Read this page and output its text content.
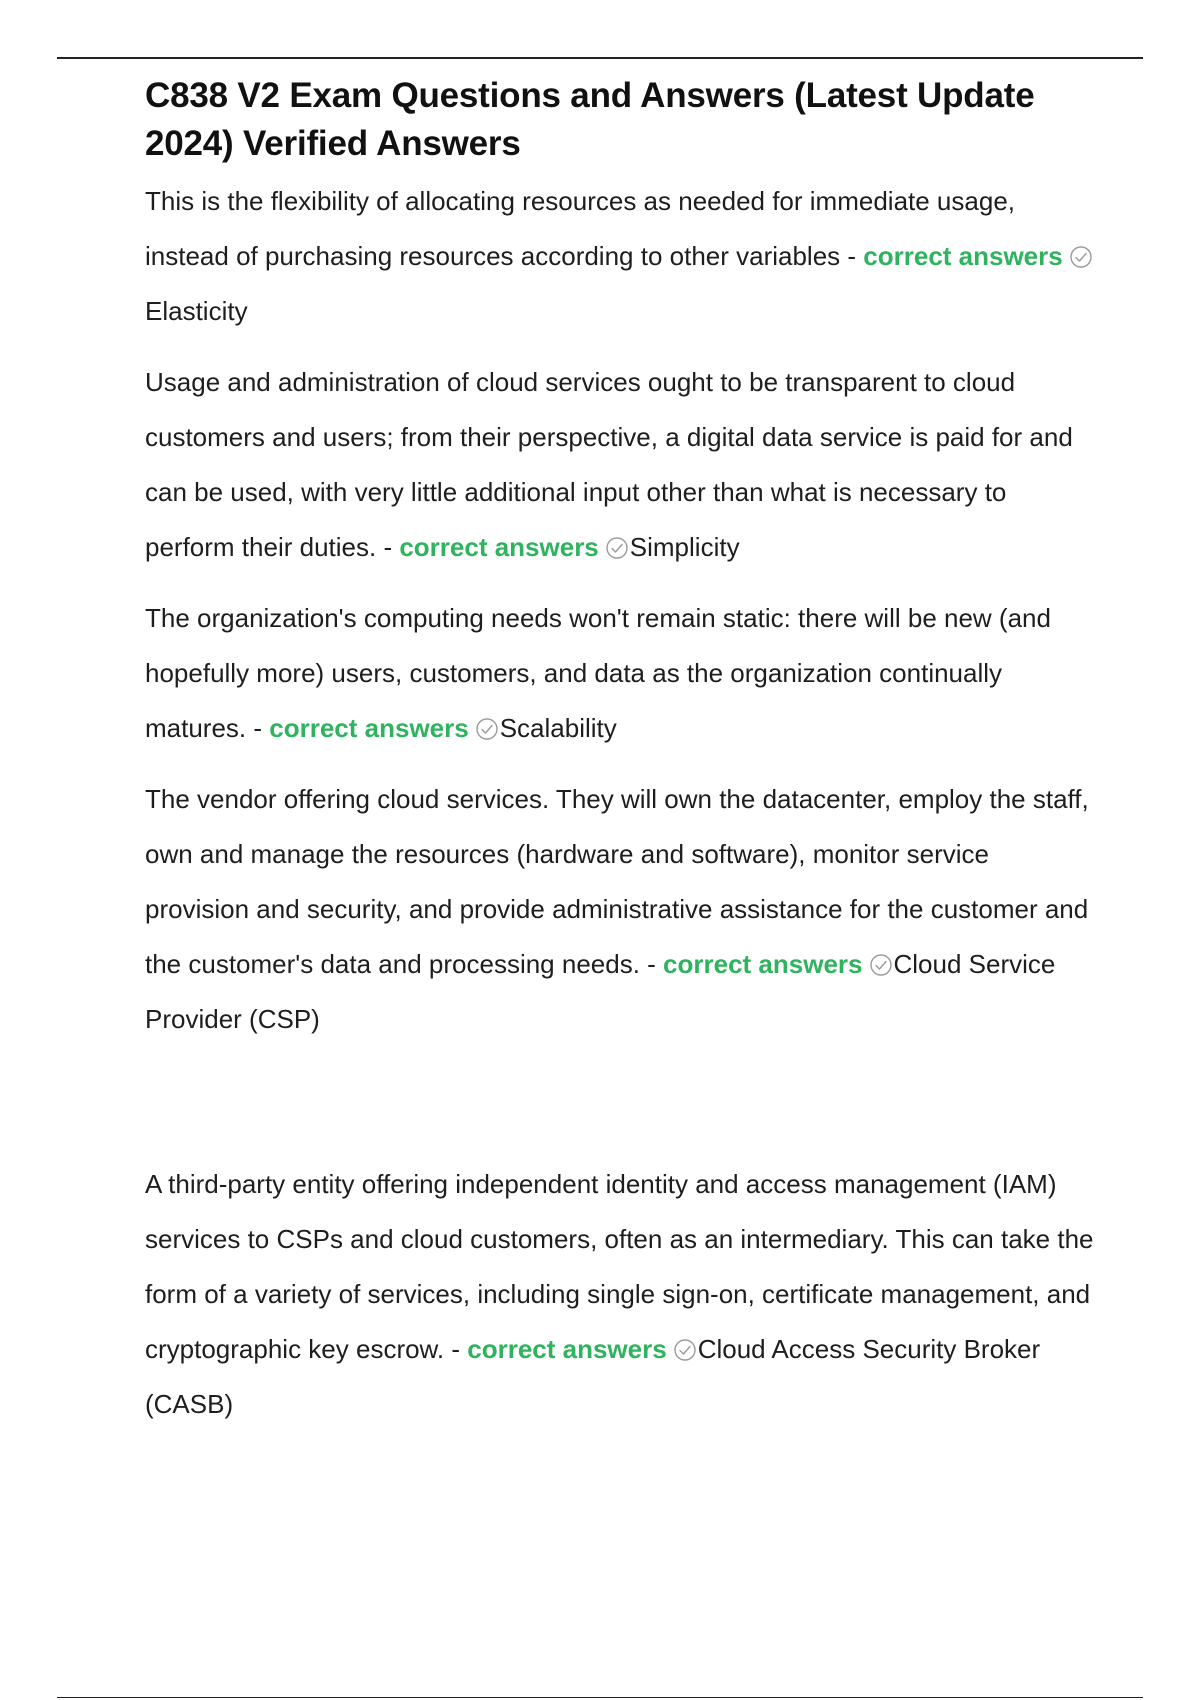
C838 V2 Exam Questions and Answers (Latest Update 2024) Verified Answers

This is the flexibility of allocating resources as needed for immediate usage, instead of purchasing resources according to other variables - correct answers
Elasticity

Usage and administration of cloud services ought to be transparent to cloud customers and users; from their perspective, a digital data service is paid for and can be used, with very little additional input other than what is necessary to perform their duties. - correct answers Simplicity

The organization's computing needs won't remain static: there will be new (and hopefully more) users, customers, and data as the organization continually matures. - correct answers Scalability

The vendor offering cloud services. They will own the datacenter, employ the staff, own and manage the resources (hardware and software), monitor service provision and security, and provide administrative assistance for the customer and the customer's data and processing needs. - correct answers Cloud Service Provider (CSP)

A third-party entity offering independent identity and access management (IAM) services to CSPs and cloud customers, often as an intermediary. This can take the form of a variety of services, including single sign-on, certificate management, and cryptographic key escrow. - correct answers Cloud Access Security Broker (CASB)
